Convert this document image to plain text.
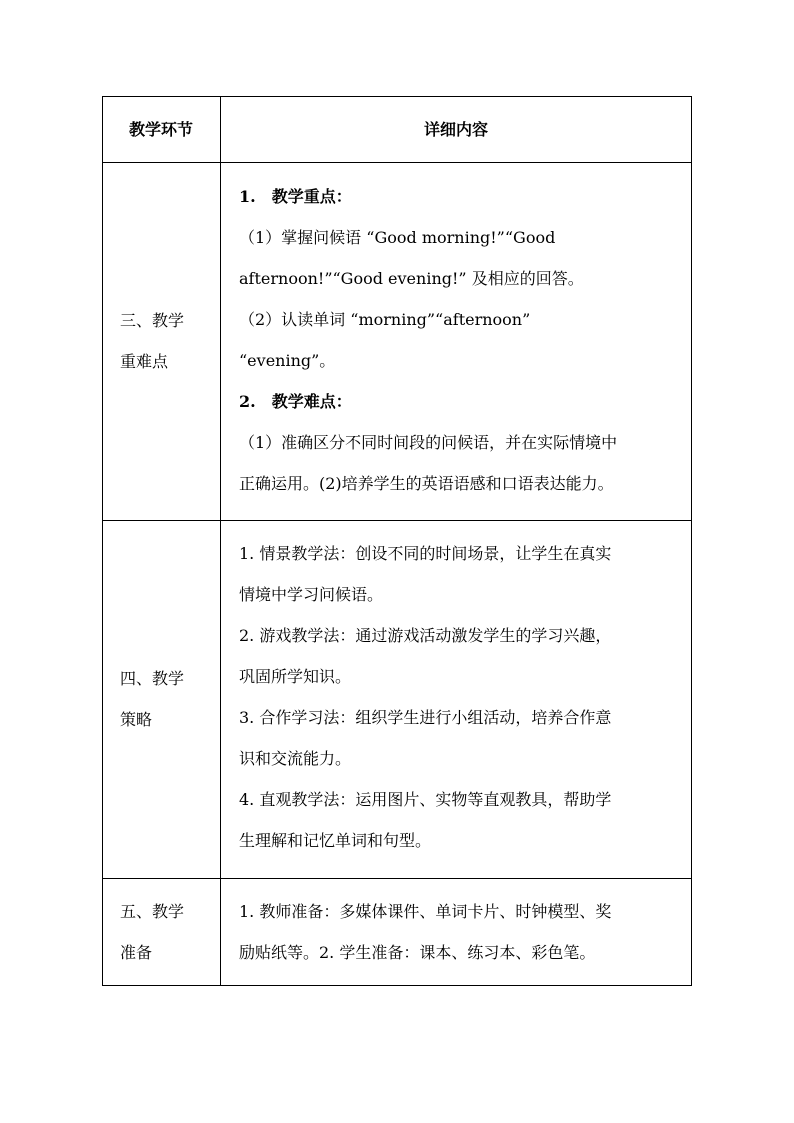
教学环节	详细内容
三、教学
重难点
1.　教学重点：
（1）掌握问候语 “Good morning!”“Good
afternoon!”“Good evening!” 及相应的回答。
（2）认读单词 “morning”“afternoon”
“evening”。
2.　教学难点：
（1）准确区分不同时间段的问候语，并在实际情境中
正确运用。(2)培养学生的英语语感和口语表达能力。
四、教学
策略
1. 情景教学法：创设不同的时间场景，让学生在真实
情境中学习问候语。
2. 游戏教学法：通过游戏活动激发学生的学习兴趣，
巩固所学知识。
3. 合作学习法：组织学生进行小组活动，培养合作意
识和交流能力。
4. 直观教学法：运用图片、实物等直观教具，帮助学
生理解和记忆单词和句型。
五、教学
准备
1. 教师准备：多媒体课件、单词卡片、时钟模型、奖
励贴纸等。2. 学生准备：课本、练习本、彩色笔。
